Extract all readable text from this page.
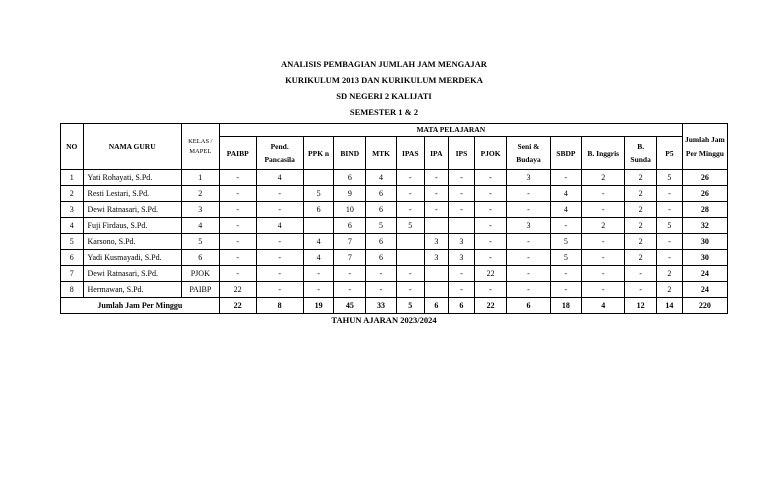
ANALISIS PEMBAGIAN JUMLAH JAM MENGAJAR
KURIKULUM 2013 DAN KURIKULUM MERDEKA
SD NEGERI 2 KALIJATI
SEMESTER 1 & 2
NO	NAMA GURU	KELAS / MAPEL	MATA PELAJARAN														Jumlah Jam Per Minggu
			PAIBP	Pend. Pancasila	PPK n	BIND	MTK	IPAS	IPA	IPS	PJOK	Seni & Budaya	SBDP	B. Inggris	B. Sunda	P5	
1	Yati Rohayati, S.Pd.	1	-	4		6	4	-	-	-	-	3	-	2	2	5	26
2	Resti Lestari, S.Pd.	2	-	-	5	9	6	-	-	-	-	-	4	-	2	-	26
3	Dewi Ratnasari, S.Pd.	3	-	-	6	10	6	-	-	-	-	-	4	-	2	-	28
4	Fuji Firdaus, S.Pd.	4	-	4		6	5	5			-	3	-	2	2	5	32
5	Karsono, S.Pd.	5	-	-	4	7	6		3	3	-	-	5	-	2	-	30
6	Yadi Kusmayadi, S.Pd.	6	-	-	4	7	6		3	3	-	-	5	-	2	-	30
7	Dewi Ratnasari, S.Pd.	PJOK	-	-	-	-	-	-		-	22	-	-	-	-	2	24
8	Hermawan, S.Pd.	PAIBP	22	-	-	-	-	-		-	-	-	-	-	-	2	24
Jumlah Jam Per Minggu			22	8	19	45	33	5	6	6	22	6	18	4	12	14	220
TAHUN AJARAN 2023/2024
